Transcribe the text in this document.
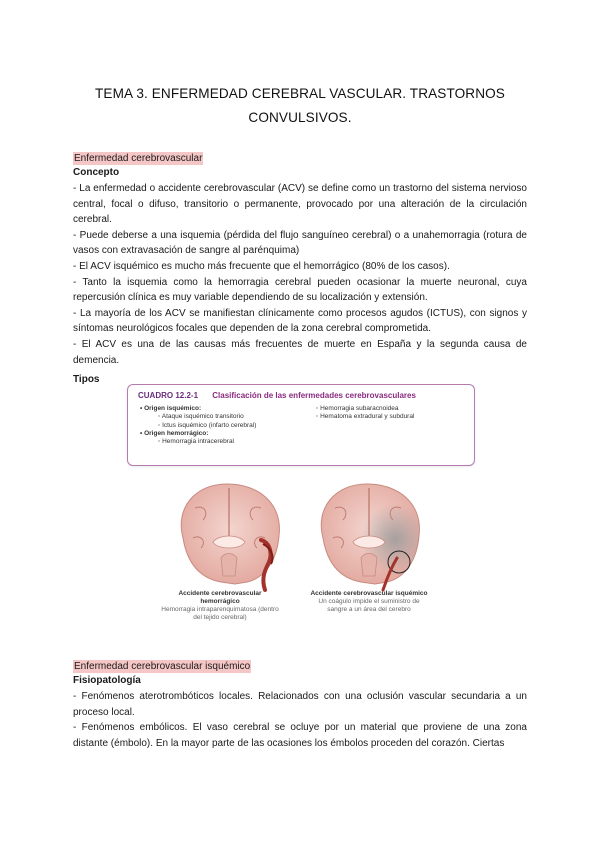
TEMA 3. ENFERMEDAD CEREBRAL VASCULAR. TRASTORNOS
CONVULSIVOS.
Enfermedad cerebrovascular
Concepto

- La enfermedad o accidente cerebrovascular (ACV) se define como un trastorno del sistema nervioso central, focal o difuso, transitorio o permanente, provocado por una alteración de la circulación cerebral.

- Puede deberse a una isquemia (pérdida del flujo sanguíneo cerebral) o a unahemorragia (rotura de vasos con extravasación de sangre al parénquima)

- El ACV isquémico es mucho más frecuente que el hemorrágico (80% de los casos).

- Tanto la isquemia como la hemorragia cerebral pueden ocasionar la muerte neuronal, cuya repercusión clínica es muy variable dependiendo de su localización y extensión.

- La mayoría de los ACV se manifiestan clínicamente como procesos agudos (ICTUS), con signos y síntomas neurológicos focales que dependen de la zona cerebral comprometida.

- El ACV es una de las causas más frecuentes de muerte en España y la segunda causa de demencia.

Tipos
CUADRO 12.2-1 Clasificación de las enfermedades cerebrovasculares
• Origen isquémico:
◦ Ataque isquémico transitorio
◦ Ictus isquémico (infarto cerebral)
• Origen hemorrágico:
◦ Hemorragia intracerebral
◦ Hemorragia subaracnoidea
◦ Hematoma extradural y subdural
Accidente cerebrovascular hemorrágico
Hemorragia intraparenquimatosa (dentro del tejido cerebral)
Accidente cerebrovascular isquémico
Un coágulo impide el suministro de sangre a un área del cerebro
Enfermedad cerebrovascular isquémico
Fisiopatología

- Fenómenos aterotrombóticos locales. Relacionados con una oclusión vascular secundaria a un proceso local.

- Fenómenos embólicos. El vaso cerebral se ocluye por un material que proviene de una zona distante (émbolo). En la mayor parte de las ocasiones los émbolos proceden del corazón. Ciertas
